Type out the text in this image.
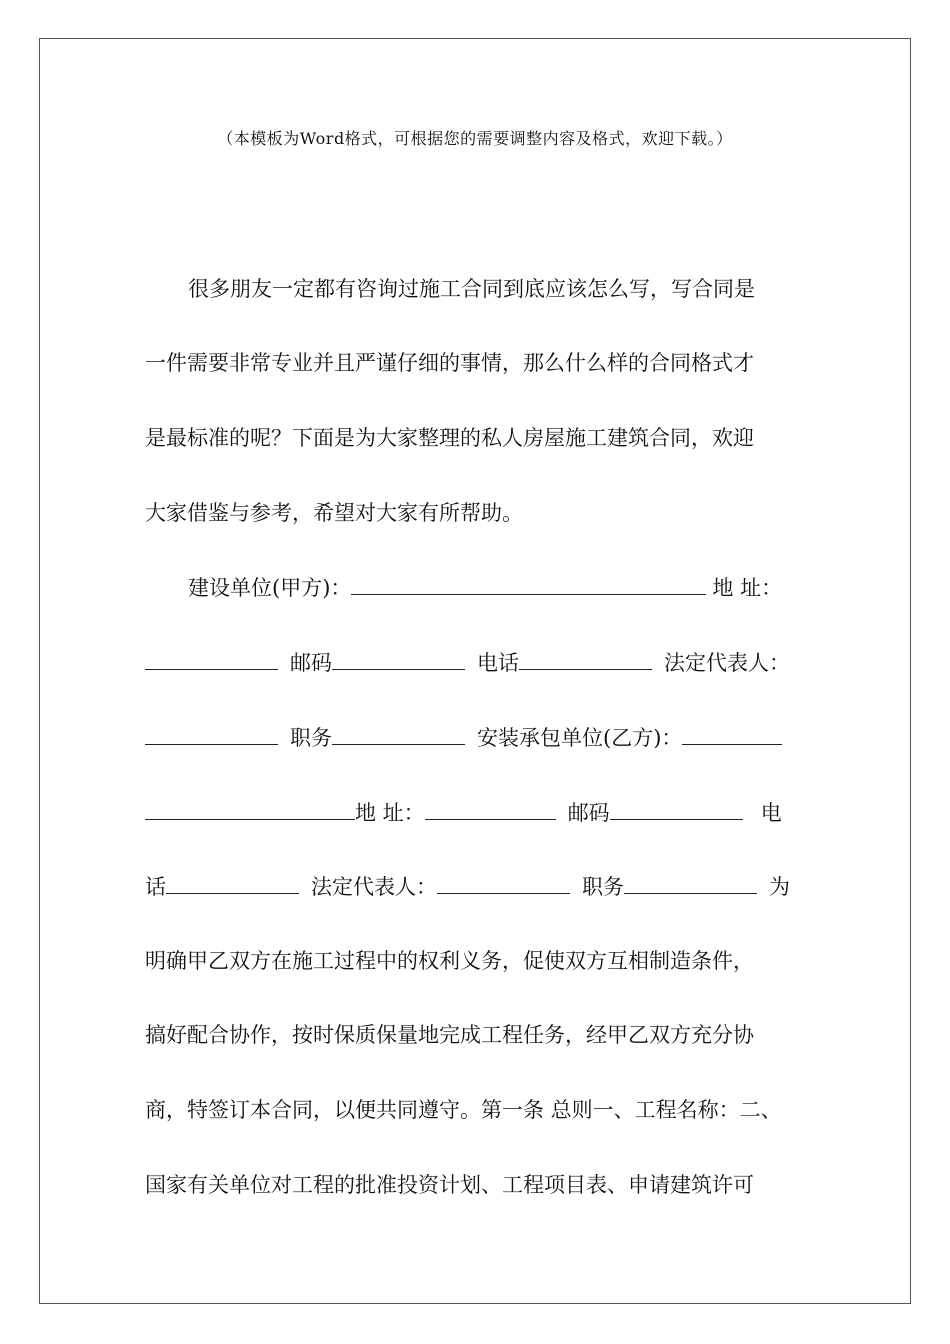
（本模板为Word格式，可根据您的需要调整内容及格式，欢迎下载。）
很多朋友一定都有咨询过施工合同到底应该怎么写，写合同是
一件需要非常专业并且严谨仔细的事情，那么什么样的合同格式才
是最标准的呢？下面是为大家整理的私人房屋施工建筑合同，欢迎
大家借鉴与参考，希望对大家有所帮助。
建设单位(甲方)：	地 址：
邮码	电话	法定代表人：
职务	安装承包单位(乙方)：
地 址：	邮码	电
话	法定代表人：	职务	为
明确甲乙双方在施工过程中的权利义务，促使双方互相制造条件，
搞好配合协作，按时保质保量地完成工程任务，经甲乙双方充分协
商，特签订本合同，以便共同遵守。第一条 总则一、工程名称：二、
国家有关单位对工程的批准投资计划、工程项目表、申请建筑许可
